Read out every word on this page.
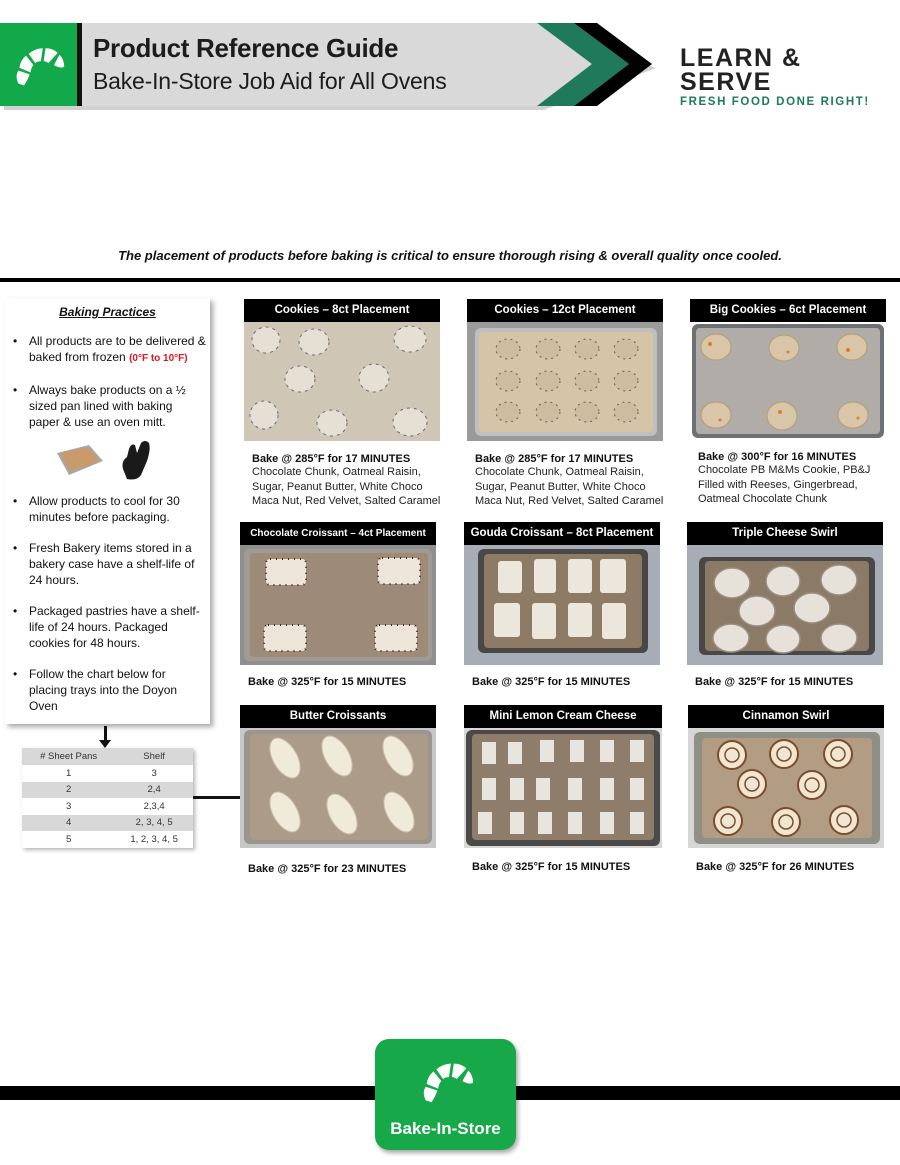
Product Reference Guide
Bake-In-Store Job Aid for All Ovens
LEARN & SERVE
FRESH FOOD DONE RIGHT!
The placement of products before baking is critical to ensure thorough rising & overall quality once cooled.
Baking Practices
• All products are to be delivered & baked from frozen (0°F to 10°F)
• Always bake products on a ½ sized pan lined with baking paper & use an oven mitt.
• Allow products to cool for 30 minutes before packaging.
• Fresh Bakery items stored in a bakery case have a shelf-life of 24 hours.
• Packaged pastries have a shelf-life of 24 hours. Packaged cookies for 48 hours.
• Follow the chart below for placing trays into the Doyon Oven
# Sheet Pans	Shelf
1	3
2	2,4
3	2,3,4
4	2, 3, 4, 5
5	1, 2, 3, 4, 5
Cookies – 8ct Placement
Bake @ 285°F for 17 MINUTES
Chocolate Chunk, Oatmeal Raisin,
Sugar, Peanut Butter, White Choco
Maca Nut, Red Velvet, Salted Caramel
Cookies – 12ct Placement
Bake @ 285°F for 17 MINUTES
Chocolate Chunk, Oatmeal Raisin,
Sugar, Peanut Butter, White Choco
Maca Nut, Red Velvet, Salted Caramel
Big Cookies – 6ct Placement
Bake @ 300°F for 16 MINUTES
Chocolate PB M&Ms Cookie, PB&J
Filled with Reeses, Gingerbread,
Oatmeal Chocolate Chunk
Chocolate Croissant – 4ct Placement
Bake @ 325°F for 15 MINUTES
Gouda Croissant – 8ct Placement
Bake @ 325°F for 15 MINUTES
Triple Cheese Swirl
Bake @ 325°F for 15 MINUTES
Butter Croissants
Bake @ 325°F for 23 MINUTES
Mini Lemon Cream Cheese
Bake @ 325°F for 15 MINUTES
Cinnamon Swirl
Bake @ 325°F for 26 MINUTES
Bake-In-Store
